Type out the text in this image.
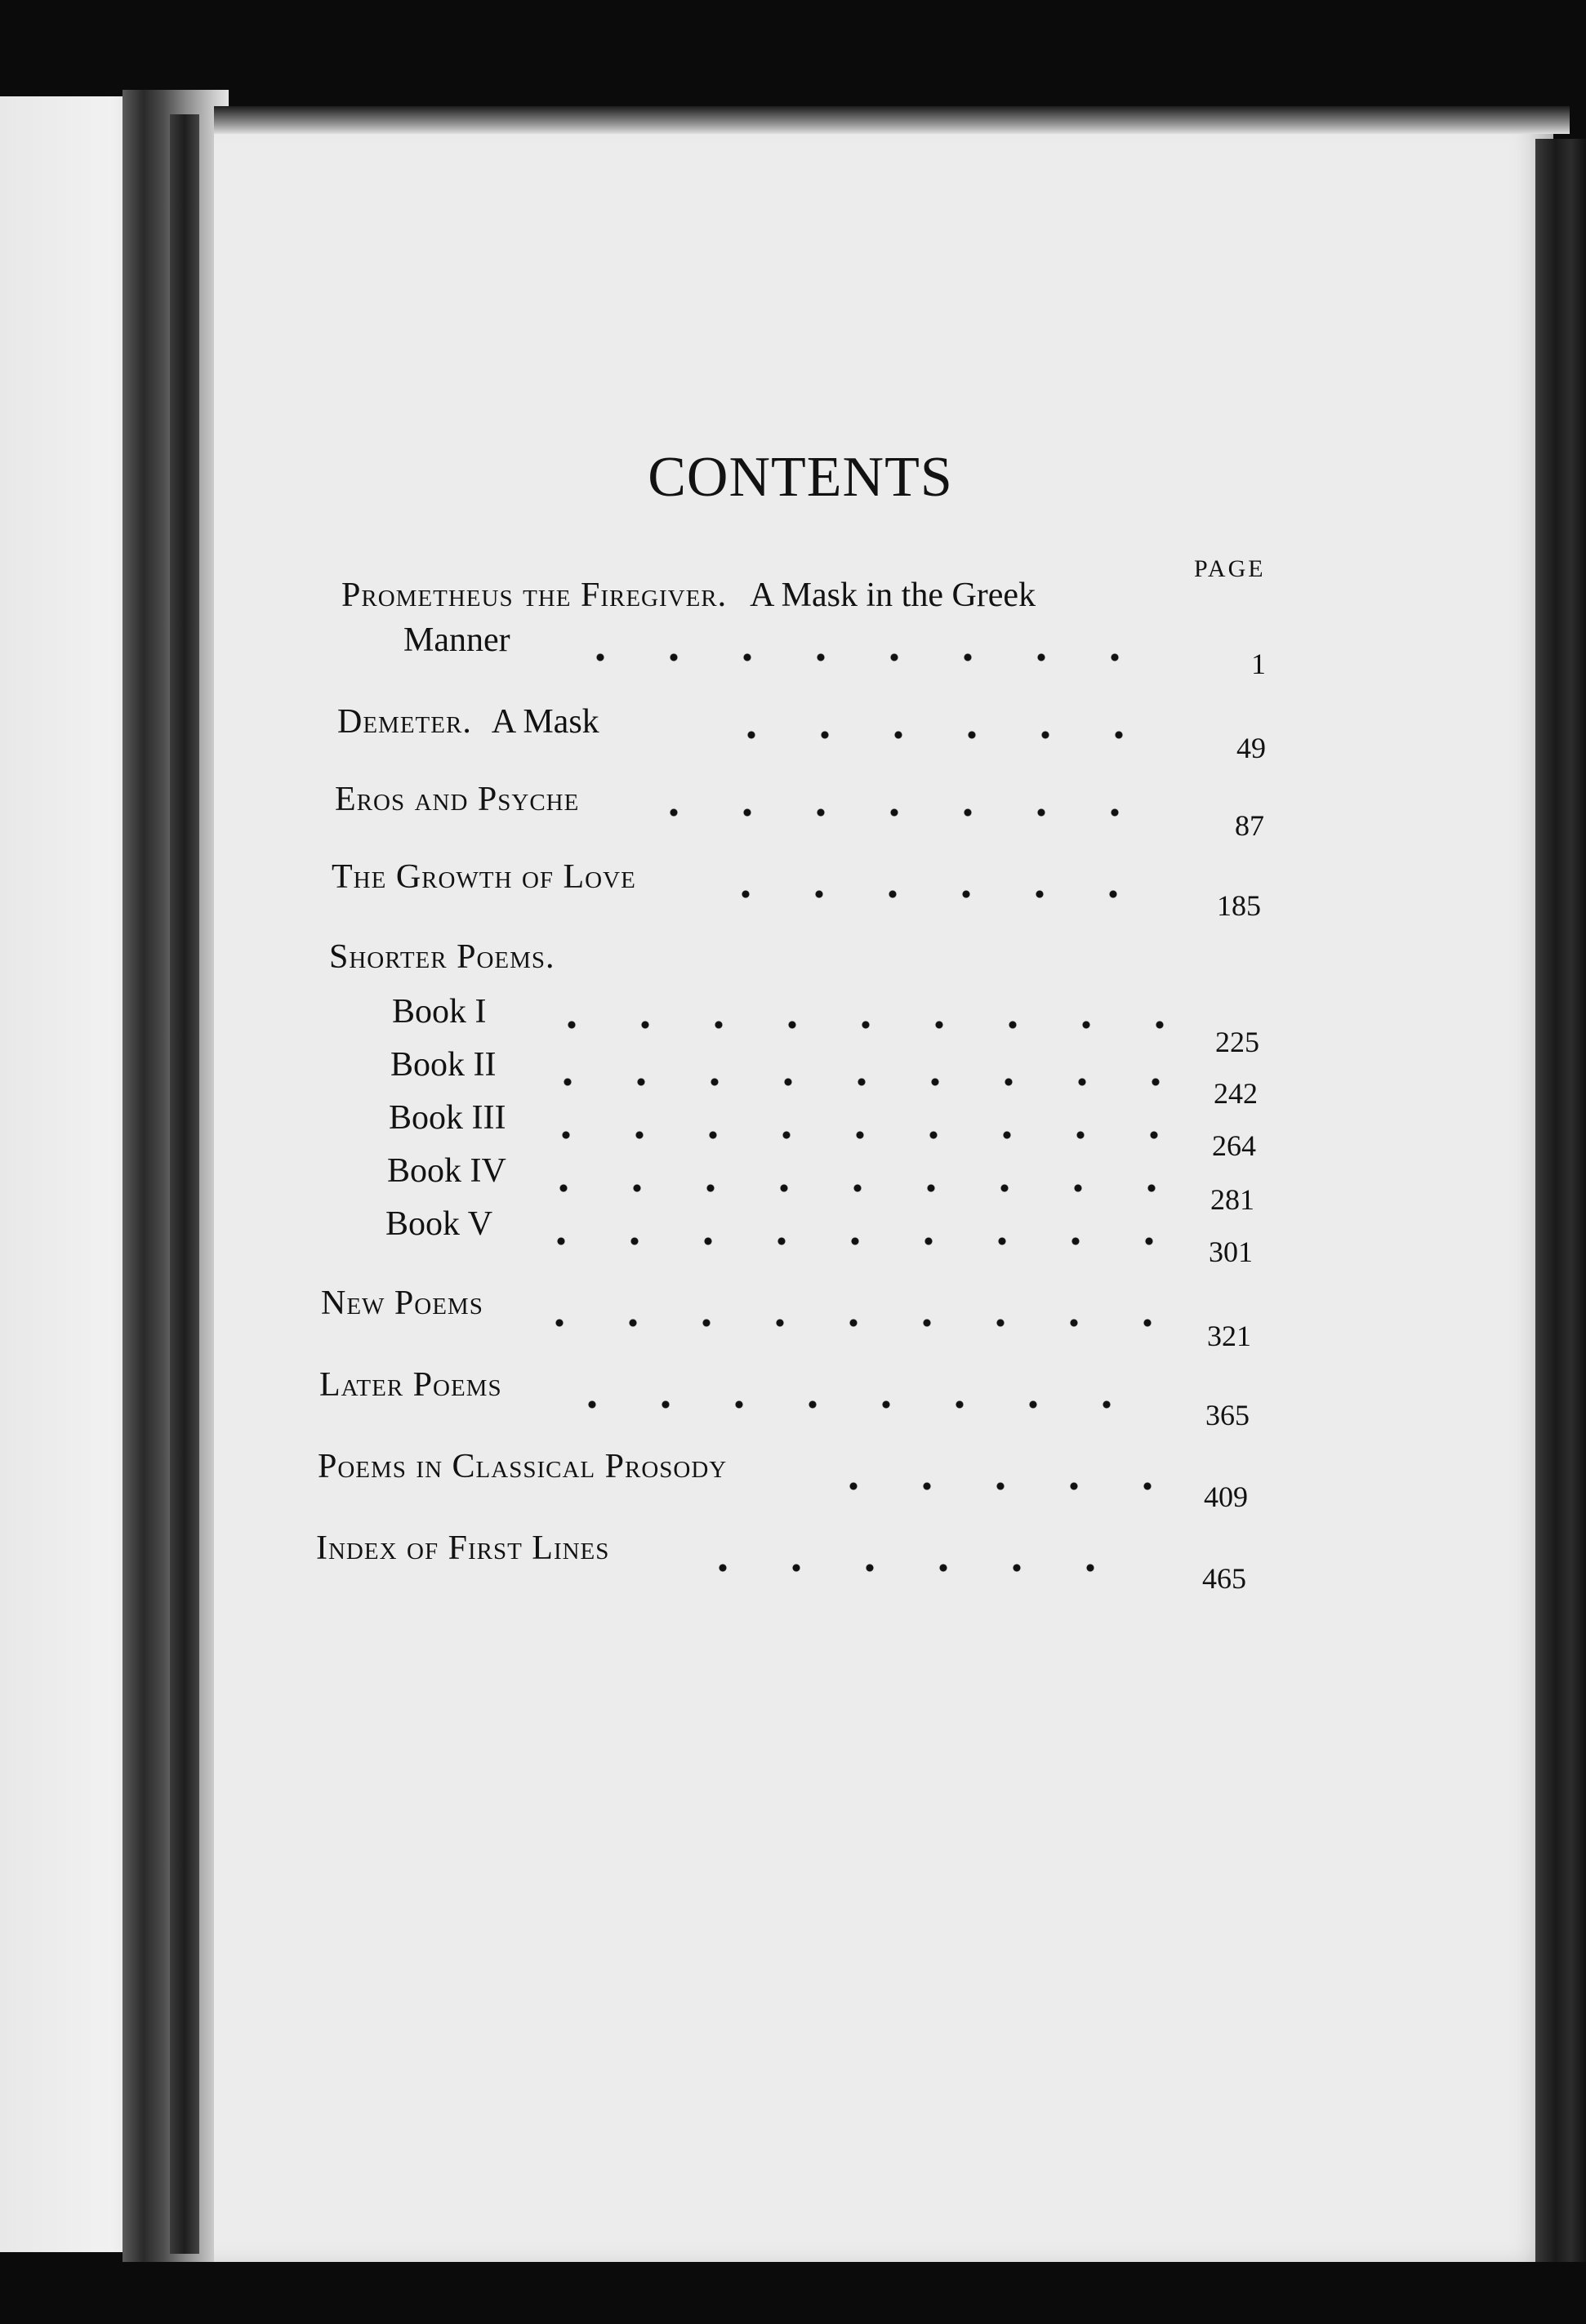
CONTENTS
PAGE
Prometheus the Firegiver. A Mask in the Greek
Manner
1
Demeter. A Mask
49
Eros and Psyche
87
The Growth of Love
185
Shorter Poems.
Book I
225
Book II
242
Book III
264
Book IV
281
Book V
301
New Poems
321
Later Poems
365
Poems in Classical Prosody
409
Index of First Lines
465
